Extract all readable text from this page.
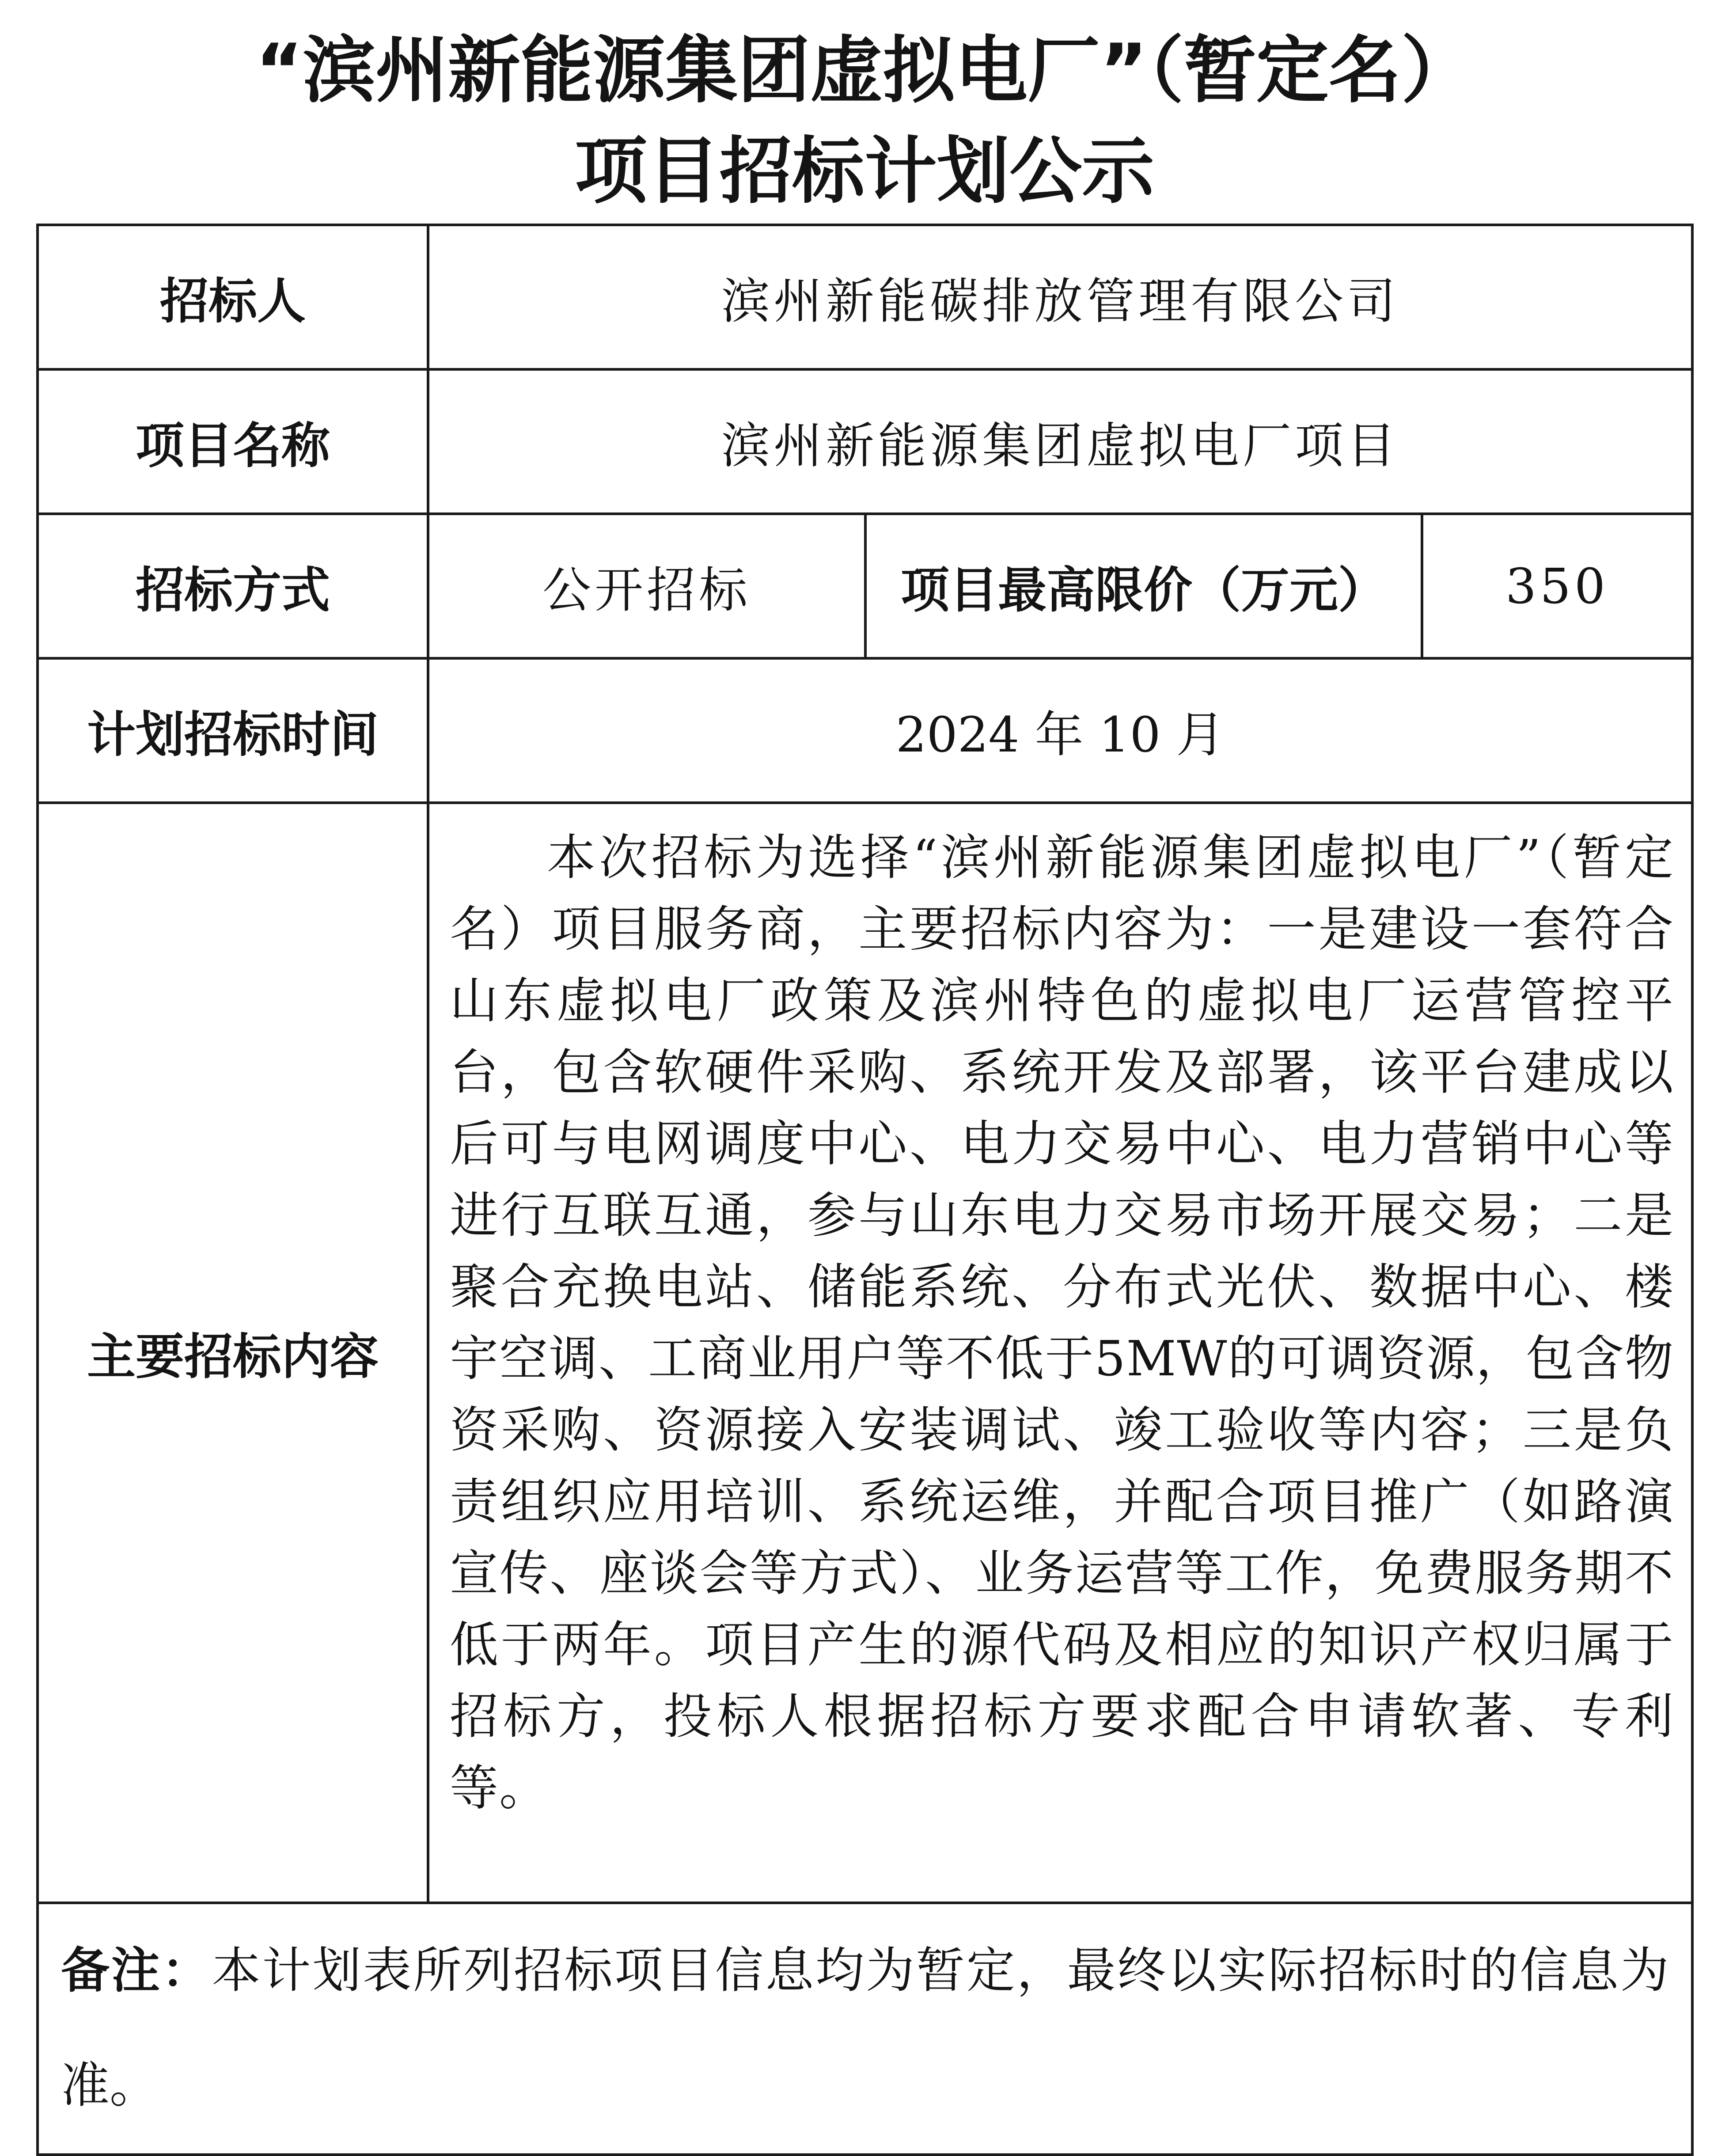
“滨州新能源集团虚拟电厂”（暂定名）
项目招标计划公示
招标人	滨州新能碳排放管理有限公司		
项目名称	滨州新能源集团虚拟电厂项目		
招标方式	公开招标	项目最高限价（万元）	350
计划招标时间	2024 年 10 月		
主要招标内容	本次招标为选择“滨州新能源集团虚拟电厂”（暂定名）项目服务商，主要招标内容为：一是建设一套符合山东虚拟电厂政策及滨州特色的虚拟电厂运营管控平台，包含软硬件采购、系统开发及部署，该平台建成以后可与电网调度中心、电力交易中心、电力营销中心等进行互联互通，参与山东电力交易市场开展交易；二是聚合充换电站、储能系统、分布式光伏、数据中心、楼宇空调、工商业用户等不低于5MW的可调资源，包含物资采购、资源接入安装调试、竣工验收等内容；三是负责组织应用培训、系统运维，并配合项目推广（如路演宣传、座谈会等方式）、业务运营等工作，免费服务期不低于两年。项目产生的源代码及相应的知识产权归属于招标方，投标人根据招标方要求配合申请软著、专利等。		

备注：本计划表所列招标项目信息均为暂定，最终以实际招标时的信息为准。			
